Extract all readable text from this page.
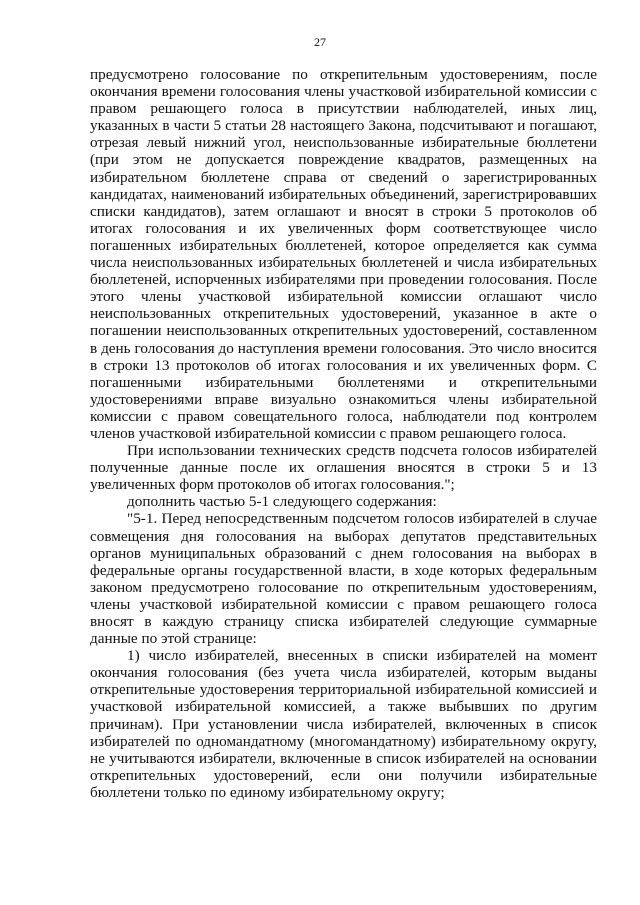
27

предусмотрено голосование по открепительным удостоверениям, после окончания времени голосования члены участковой избирательной комиссии с правом решающего голоса в присутствии наблюдателей, иных лиц, указанных в части 5 статьи 28 настоящего Закона, подсчитывают и погашают, отрезая левый нижний угол, неиспользованные избирательные бюллетени (при этом не допускается повреждение квадратов, размещенных на избирательном бюллетене справа от сведений о зарегистрированных кандидатах, наименований избирательных объединений, зарегистрировавших списки кандидатов), затем оглашают и вносят в строки 5 протоколов об итогах голосования и их увеличенных форм соответствующее число погашенных избирательных бюллетеней, которое определяется как сумма числа неиспользованных избирательных бюллетеней и числа избирательных бюллетеней, испорченных избирателями при проведении голосования. После этого члены участковой избирательной комиссии оглашают число неиспользованных открепительных удостоверений, указанное в акте о погашении неиспользованных открепительных удостоверений, составленном в день голосования до наступления времени голосования. Это число вносится в строки 13 протоколов об итогах голосования и их увеличенных форм. С погашенными избирательными бюллетенями и открепительными удостоверениями вправе визуально ознакомиться члены избирательной комиссии с правом совещательного голоса, наблюдатели под контролем членов участковой избирательной комиссии с правом решающего голоса.

При использовании технических средств подсчета голосов избирателей полученные данные после их оглашения вносятся в строки 5 и 13 увеличенных форм протоколов об итогах голосования.";

дополнить частью 5-1 следующего содержания:

"5-1. Перед непосредственным подсчетом голосов избирателей в случае совмещения дня голосования на выборах депутатов представительных органов муниципальных образований с днем голосования на выборах в федеральные органы государственной власти, в ходе которых федеральным законом предусмотрено голосование по открепительным удостоверениям, члены участковой избирательной комиссии с правом решающего голоса вносят в каждую страницу списка избирателей следующие суммарные данные по этой странице:

1) число избирателей, внесенных в списки избирателей на момент окончания голосования (без учета числа избирателей, которым выданы открепительные удостоверения территориальной избирательной комиссией и участковой избирательной комиссией, а также выбывших по другим причинам). При установлении числа избирателей, включенных в список избирателей по одномандатному (многомандатному) избирательному округу, не учитываются избиратели, включенные в список избирателей на основании открепительных удостоверений, если они получили избирательные бюллетени только по единому избирательному округу;
